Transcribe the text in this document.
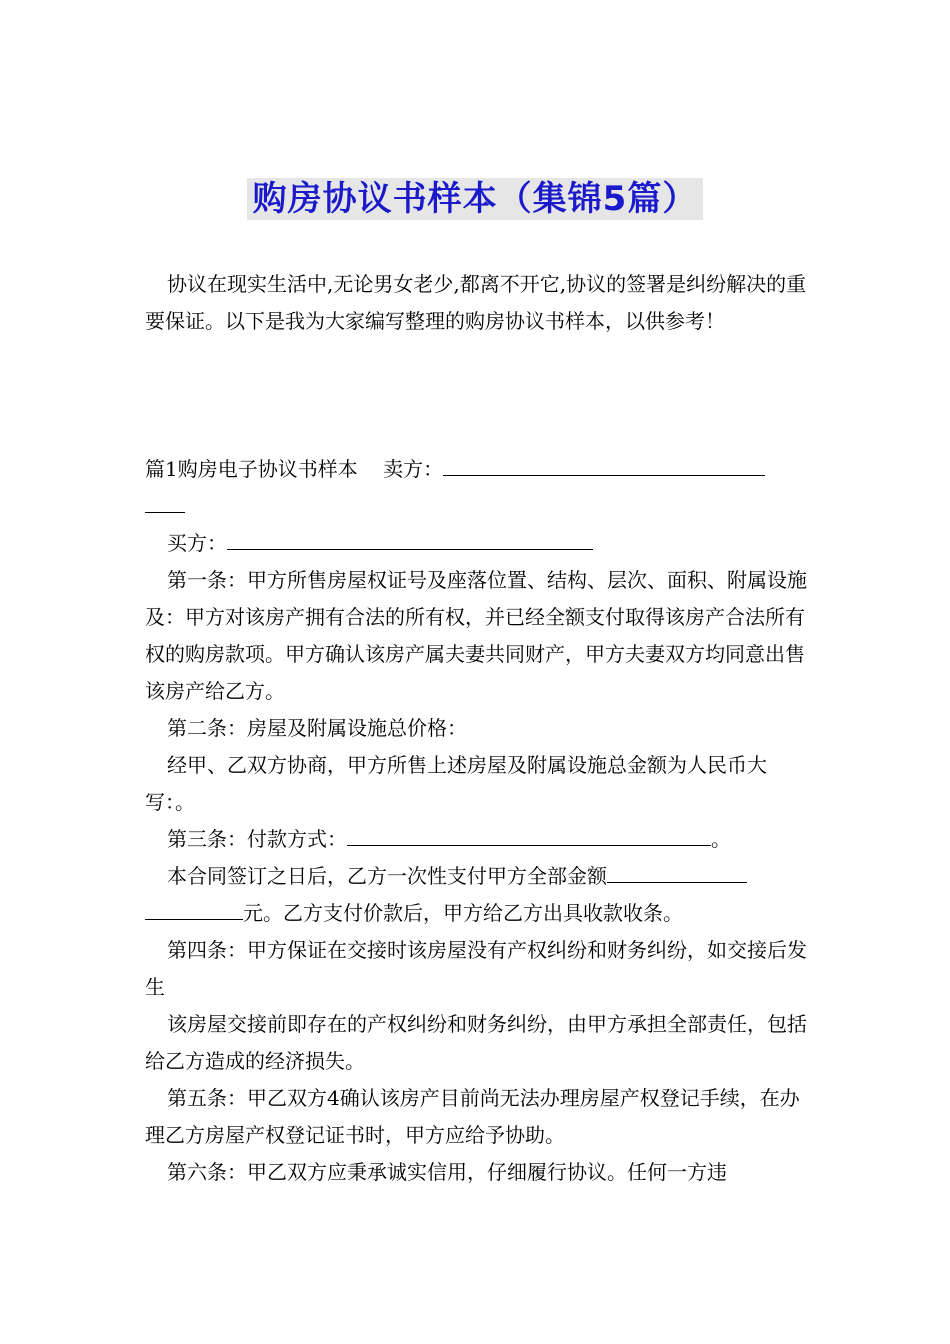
购房协议书样本（集锦5篇）

协议在现实生活中,无论男女老少,都离不开它,协议的签署是纠纷解决的重要保证。以下是我为大家编写整理的购房协议书样本，以供参考！

篇1购房电子协议书样本 卖方：

买方：

第一条：甲方所售房屋权证号及座落位置、结构、层次、面积、附属设施及：甲方对该房产拥有合法的所有权，并已经全额支付取得该房产合法所有权的购房款项。甲方确认该房产属夫妻共同财产，甲方夫妻双方均同意出售该房产给乙方。

第二条：房屋及附属设施总价格：

经甲、乙双方协商，甲方所售上述房屋及附属设施总金额为人民币大写：。

第三条：付款方式：	。

本合同签订之日后，乙方一次性支付甲方全部金额

元。乙方支付价款后，甲方给乙方出具收款收条。

第四条：甲方保证在交接时该房屋没有产权纠纷和财务纠纷，如交接后发生

该房屋交接前即存在的产权纠纷和财务纠纷，由甲方承担全部责任，包括给乙方造成的经济损失。

第五条：甲乙双方4确认该房产目前尚无法办理房屋产权登记手续，在办理乙方房屋产权登记证书时，甲方应给予协助。

第六条：甲乙双方应秉承诚实信用，仔细履行协议。任何一方违
